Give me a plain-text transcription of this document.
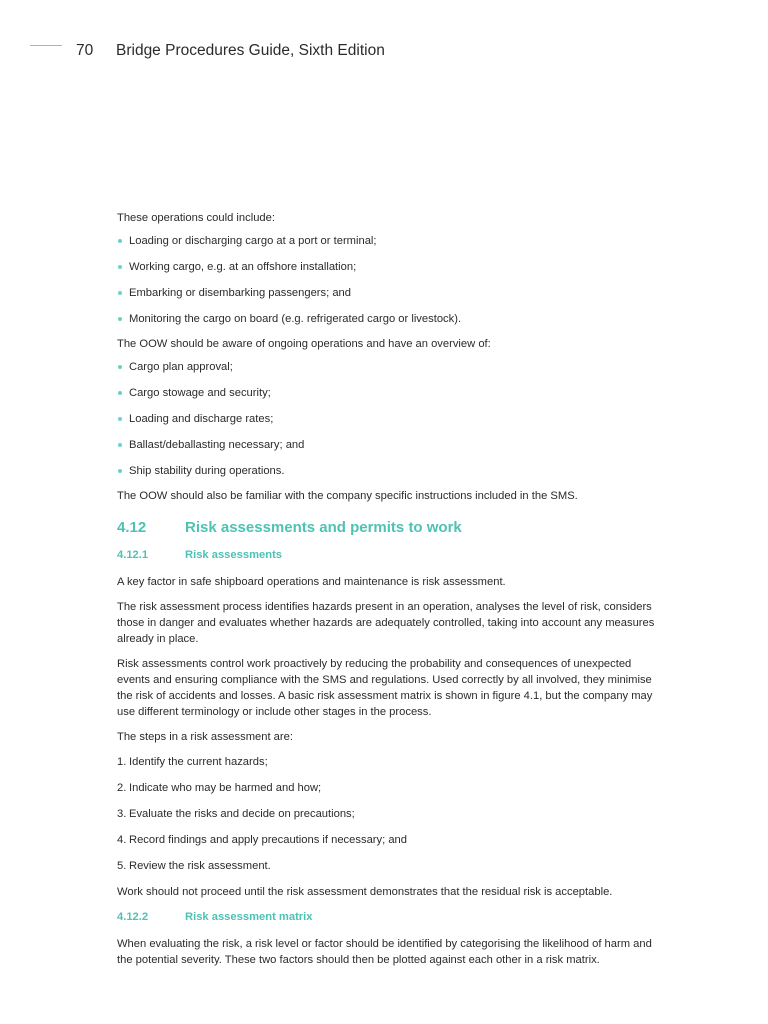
70 Bridge Procedures Guide, Sixth Edition

These operations could include:

Loading or discharging cargo at a port or terminal;
Working cargo, e.g. at an offshore installation;
Embarking or disembarking passengers; and
Monitoring the cargo on board (e.g. refrigerated cargo or livestock).

The OOW should be aware of ongoing operations and have an overview of:

Cargo plan approval;
Cargo stowage and security;
Loading and discharge rates;
Ballast/deballasting necessary; and
Ship stability during operations.

The OOW should also be familiar with the company specific instructions included in the SMS.

4.12	Risk assessments and permits to work
4.12.1	Risk assessments

A key factor in safe shipboard operations and maintenance is risk assessment.

The risk assessment process identifies hazards present in an operation, analyses the level of risk, considers those in danger and evaluates whether hazards are adequately controlled, taking into account any measures already in place.

Risk assessments control work proactively by reducing the probability and consequences of unexpected events and ensuring compliance with the SMS and regulations. Used correctly by all involved, they minimise the risk of accidents and losses. A basic risk assessment matrix is shown in figure 4.1, but the company may use different terminology or include other stages in the process.

The steps in a risk assessment are:

1. Identify the current hazards;
2. Indicate who may be harmed and how;
3. Evaluate the risks and decide on precautions;
4. Record findings and apply precautions if necessary; and
5. Review the risk assessment.

Work should not proceed until the risk assessment demonstrates that the residual risk is acceptable.

4.12.2	Risk assessment matrix

When evaluating the risk, a risk level or factor should be identified by categorising the likelihood of harm and the potential severity. These two factors should then be plotted against each other in a risk matrix.
